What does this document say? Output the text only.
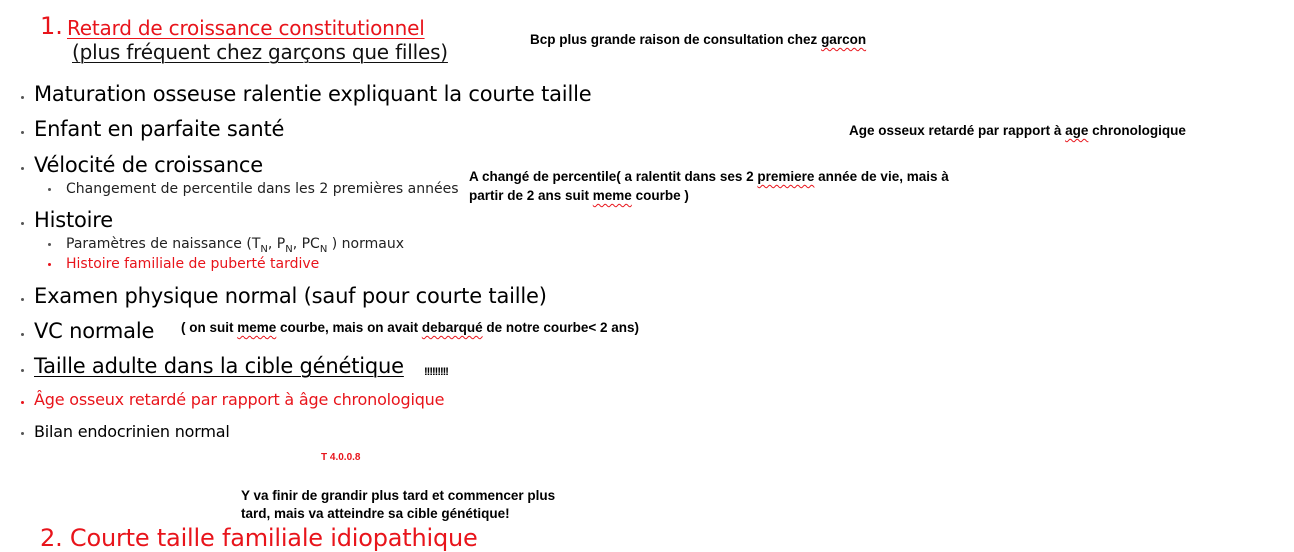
1. Retard de croissance constitutionnel
(plus fréquent chez garçons que filles)
Bcp plus grande raison de consultation chez garcon
Maturation osseuse ralentie expliquant la courte taille
Enfant en parfaite santé	Age osseux retardé par rapport à age chronologique
Vélocité de croissance
Changement de percentile dans les 2 premières années
A changé de percentile( a ralentit dans ses 2 premiere année de vie, mais à
partir de 2 ans suit meme courbe )
Histoire
Paramètres de naissance ($T_N$, $P_N$, $PC_N$ ) normaux
Histoire familiale de puberté tardive
Examen physique normal (sauf pour courte taille)
VC normale ( on suit meme courbe, mais on avait debarqué de notre courbe< 2 ans)
Taille adulte dans la cible génétique !!!!!!!!!
Âge osseux retardé par rapport à âge chronologique
Bilan endocrinien normal
T 4.0.0.8
Y va finir de grandir plus tard et commencer plus
tard, mais va atteindre sa cible génétique!
2. Courte taille familiale idiopathique
